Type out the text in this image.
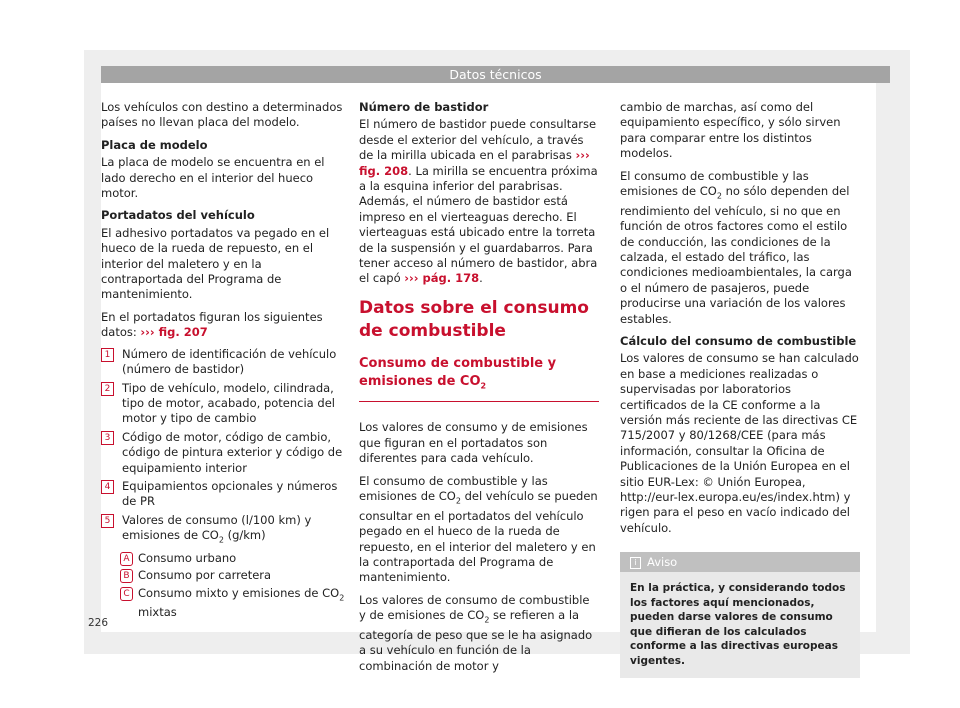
Datos técnicos

Los vehículos con destino a determinados países no llevan placa del modelo.

Placa de modelo

La placa de modelo se encuentra en el lado derecho en el interior del hueco motor.

Portadatos del vehículo

El adhesivo portadatos va pegado en el hueco de la rueda de repuesto, en el interior del maletero y en la contraportada del Programa de mantenimiento.

En el portadatos figuran los siguientes datos: ››› fig. 207
1	Número de identificación de vehículo (número de bastidor)
2	Tipo de vehículo, modelo, cilindrada, tipo de motor, acabado, potencia del motor y tipo de cambio
3	Código de motor, código de cambio, código de pintura exterior y código de equipamiento interior
4	Equipamientos opcionales y números de PR
5	Valores de consumo (l/100 km) y emisiones de $CO_2$ (g/km)
A Consumo urbano
B Consumo por carretera
C Consumo mixto y emisiones de $CO_2$ mixtas
Número de bastidor

El número de bastidor puede consultarse desde el exterior del vehículo, a través de la mirilla ubicada en el parabrisas ››› fig. 208. La mirilla se encuentra próxima a la esquina inferior del parabrisas. Además, el número de bastidor está impreso en el vierteaguas derecho. El vierteaguas está ubicado entre la torreta de la suspensión y el guardabarros. Para tener acceso al número de bastidor, abra el capó ››› pág. 178.

Datos sobre el consumo de combustible
Consumo de combustible y emisiones de $CO_2$

Los valores de consumo y de emisiones que figuran en el portadatos son diferentes para cada vehículo.

El consumo de combustible y las emisiones de $CO_2$ del vehículo se pueden consultar en el portadatos del vehículo pegado en el hueco de la rueda de repuesto, en el interior del maletero y en la contraportada del Programa de mantenimiento.

Los valores de consumo de combustible y de emisiones de $CO_2$ se refieren a la categoría de peso que se le ha asignado a su vehículo en función de la combinación de motor y

cambio de marchas, así como del equipamiento específico, y sólo sirven para comparar entre los distintos modelos.

El consumo de combustible y las emisiones de $CO_2$ no sólo dependen del rendimiento del vehículo, si no que en función de otros factores como el estilo de conducción, las condiciones de la calzada, el estado del tráfico, las condiciones medioambientales, la carga o el número de pasajeros, puede producirse una variación de los valores estables.

Cálculo del consumo de combustible

Los valores de consumo se han calculado en base a mediciones realizadas o supervisadas por laboratorios certificados de la CE conforme a la versión más reciente de las directivas CE 715/2007 y 80/1268/CEE (para más información, consultar la Oficina de Publicaciones de la Unión Europea en el sitio EUR-Lex: © Unión Europea, http://eur-lex.europa.eu/es/index.htm) y rigen para el peso en vacío indicado del vehículo.

i Aviso
En la práctica, y considerando todos los factores aquí mencionados, pueden darse valores de consumo que difieran de los calculados conforme a las directivas europeas vigentes.
226
